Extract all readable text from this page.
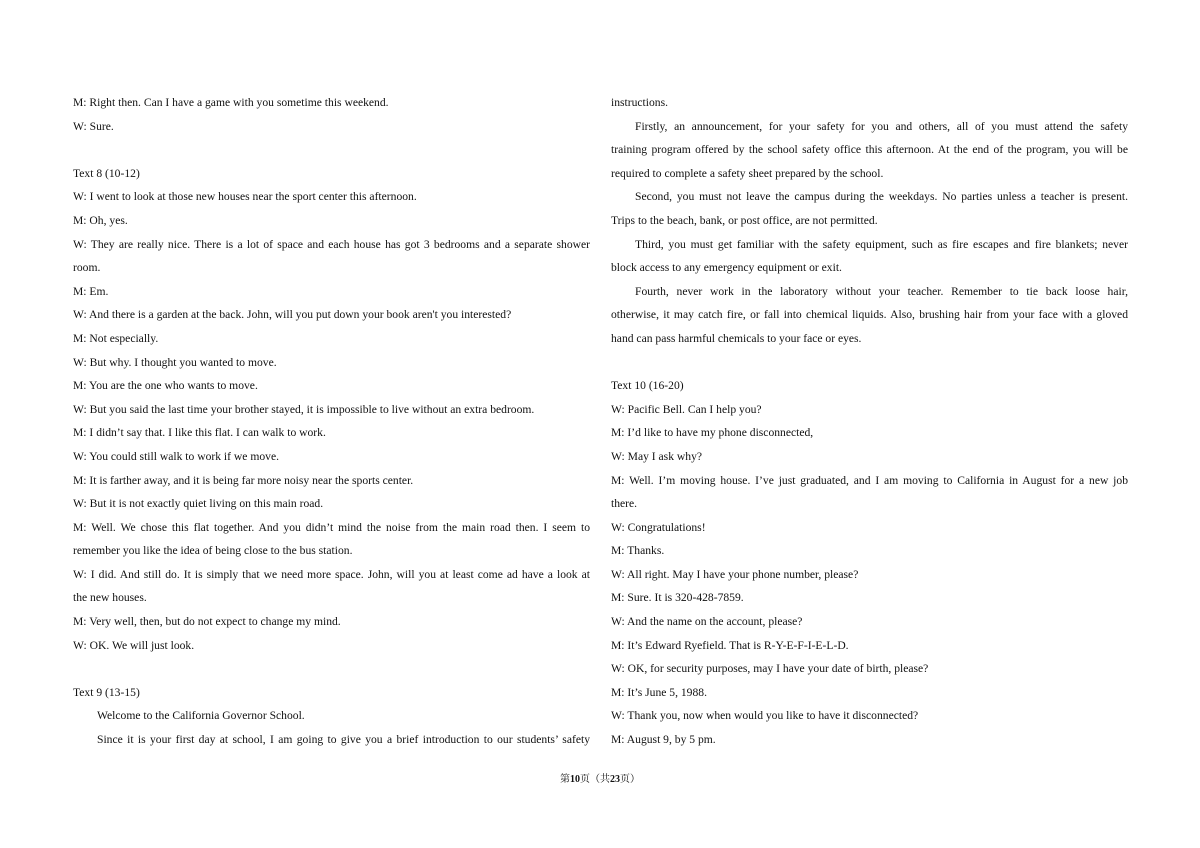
M: Right then. Can I have a game with you sometime this weekend.
W: Sure.
Text 8 (10-12)
W: I went to look at those new houses near the sport center this afternoon.
M: Oh, yes.
W: They are really nice. There is a lot of space and each house has got 3 bedrooms and a separate shower
room.
M: Em.
W: And there is a garden at the back. John, will you put down your book aren't you interested?
M: Not especially.
W: But why. I thought you wanted to move.
M: You are the one who wants to move.
W: But you said the last time your brother stayed, it is impossible to live without an extra bedroom.
M: I didn’t say that. I like this flat. I can walk to work.
W: You could still walk to work if we move.
M: It is farther away, and it is being far more noisy near the sports center.
W: But it is not exactly quiet living on this main road.
M: Well. We chose this flat together. And you didn’t mind the noise from the main road then. I seem to
remember you like the idea of being close to the bus station.
W: I did. And still do. It is simply that we need more space. John, will you at least come ad have a look at
the new houses.
M: Very well, then, but do not expect to change my mind.
W: OK. We will just look.
Text 9 (13-15)
Welcome to the California Governor School.
Since it is your first day at school, I am going to give you a brief introduction to our students’ safety
instructions.
Firstly, an announcement, for your safety for you and others, all of you must attend the safety
training program offered by the school safety office this afternoon. At the end of the program, you will be
required to complete a safety sheet prepared by the school.
Second, you must not leave the campus during the weekdays. No parties unless a teacher is present.
Trips to the beach, bank, or post office, are not permitted.
Third, you must get familiar with the safety equipment, such as fire escapes and fire blankets; never
block access to any emergency equipment or exit.
Fourth, never work in the laboratory without your teacher. Remember to tie back loose hair,
otherwise, it may catch fire, or fall into chemical liquids. Also, brushing hair from your face with a gloved
hand can pass harmful chemicals to your face or eyes.
Text 10 (16-20)
W: Pacific Bell. Can I help you?
M: I’d like to have my phone disconnected,
W: May I ask why?
M: Well. I’m moving house. I’ve just graduated, and I am moving to California in August for a new job
there.
W: Congratulations!
M: Thanks.
W: All right. May I have your phone number, please?
M: Sure. It is 320-428-7859.
W: And the name on the account, please?
M: It’s Edward Ryefield. That is R-Y-E-F-I-E-L-D.
W: OK, for security purposes, may I have your date of birth, please?
M: It’s June 5, 1988.
W: Thank you, now when would you like to have it disconnected?
M: August 9, by 5 pm.
第10页（共23页）
